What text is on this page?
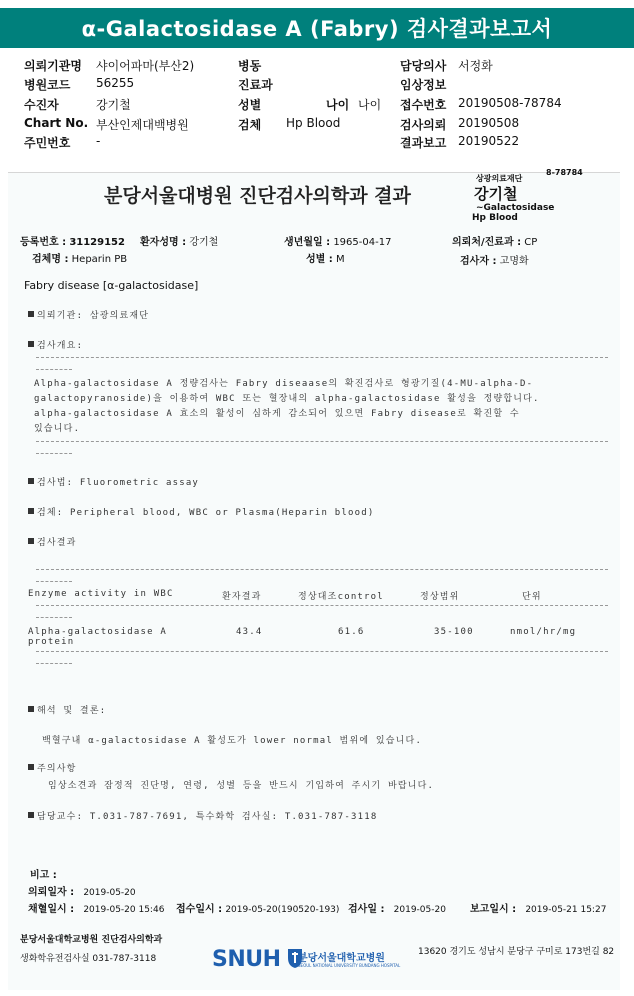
α-Galactosidase A (Fabry) 검사결과보고서
의뢰기관명 샤이어파마(부산2)
병원코드 56255
수진자	강기철
Chart No. 부산인제대백병원
주민번호 -
병동
진료과
성별	나이 나이
검체 Hp Blood
담당의사 서정화
임상정보
접수번호 20190508-78784
검사의뢰 20190508
결과보고 20190522
분당서울대병원 진단검사의학과 결과
8-78784
상광의료재단
강기철
~Galactosidase
Hp Blood
등록번호 : 31129152 환자성명 : 강기철	생년월일 : 1965-04-17	의뢰처/진료과 : CP
검체명 : Heparin PB	성별 : M	검사자 : 고명화
Fabry disease [α-galactosidase]
의뢰기관: 삼광의료재단
검사개요:
Alpha-galactosidase A 정량검사는 Fabry diseaase의 확진검사로 형광기질(4-MU-alpha-D-
galactopyranoside)을 이용하여 WBC 또는 혈장내의 alpha-galactosidase 활성을 정량합니다.
alpha-galactosidase A 효소의 활성이 심하게 감소되어 있으면 Fabry disease로 확진할 수
있습니다.
검사법: Fluorometric assay
검체: Peripheral blood, WBC or Plasma(Heparin blood)
검사결과
Enzyme activity in WBC	환자결과	정상대조control	정상범위	단위
Alpha-galactosidase A	43.4	61.6	35-100	nmol/hr/mg
protein
해석 및 결론:
백혈구내 α-galactosidase A 활성도가 lower normal 범위에 있습니다.
주의사항
임상소견과 잠정적 진단명, 연령, 성별 등을 반드시 기입하여 주시기 바랍니다.
담당교수: T.031-787-7691, 특수화학 검사실: T.031-787-3118
비고 :
의뢰일자 : 2019-05-20
채혈일시 : 2019-05-20 15:46 접수일시 : 2019-05-20(190520-193) 검사일 : 2019-05-20 보고일시 : 2019-05-21 15:27
분당서울대학교병원 진단검사의학과
생화학유전검사실 031-787-3118	SNUH	분당서울대학교병원
SEOUL NATIONAL UNIVERSITY BUNDANG HOSPITAL
13620 경기도 성남시 분당구 구미로 173번길 82
